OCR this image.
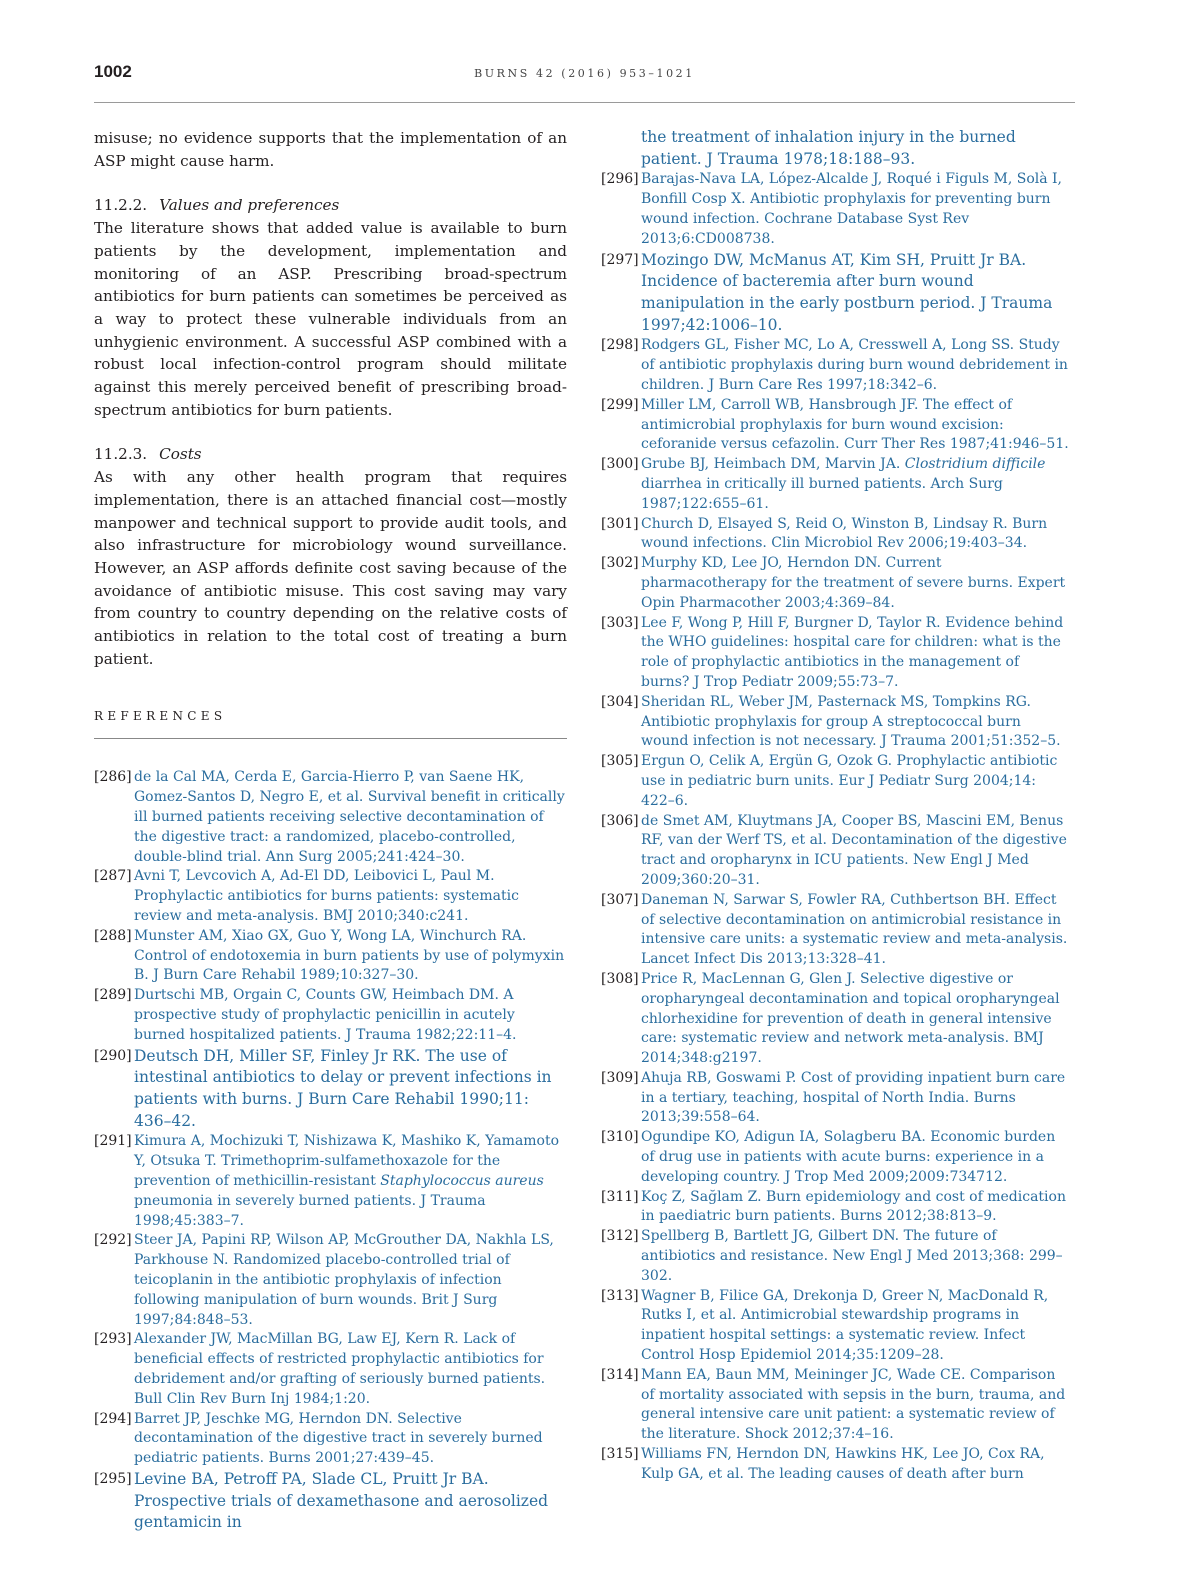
1002	BURNS 42 (2016) 953–1021

misuse; no evidence supports that the implementation of an ASP might cause harm.

11.2.2. Values and preferences

The literature shows that added value is available to burn patients by the development, implementation and monitoring of an ASP. Prescribing broad-spectrum antibiotics for burn patients can sometimes be perceived as a way to protect these vulnerable individuals from an unhygienic environment. A successful ASP combined with a robust local infection-control program should militate against this merely perceived benefit of prescribing broad-spectrum antibiotics for burn patients.

11.2.3. Costs

As with any other health program that requires implementation, there is an attached financial cost—mostly manpower and technical support to provide audit tools, and also infrastructure for microbiology wound surveillance. However, an ASP affords definite cost saving because of the avoidance of antibiotic misuse. This cost saving may vary from country to country depending on the relative costs of antibiotics in relation to the total cost of treating a burn patient.

REFERENCES
[286] de la Cal MA, Cerda E, Garcia-Hierro P, van Saene HK, Gomez-Santos D, Negro E, et al. Survival benefit in critically ill burned patients receiving selective decontamination of the digestive tract: a randomized, placebo-controlled, double-blind trial. Ann Surg 2005;241:424–30.
[287] Avni T, Levcovich A, Ad-El DD, Leibovici L, Paul M. Prophylactic antibiotics for burns patients: systematic review and meta-analysis. BMJ 2010;340:c241.
[288] Munster AM, Xiao GX, Guo Y, Wong LA, Winchurch RA. Control of endotoxemia in burn patients by use of polymyxin B. J Burn Care Rehabil 1989;10:327–30.
[289] Durtschi MB, Orgain C, Counts GW, Heimbach DM. A prospective study of prophylactic penicillin in acutely burned hospitalized patients. J Trauma 1982;22:11–4.
[290] Deutsch DH, Miller SF, Finley Jr RK. The use of intestinal antibiotics to delay or prevent infections in patients with burns. J Burn Care Rehabil 1990;11: 436–42.
[291] Kimura A, Mochizuki T, Nishizawa K, Mashiko K, Yamamoto Y, Otsuka T. Trimethoprim-sulfamethoxazole for the prevention of methicillin-resistant Staphylococcus aureus pneumonia in severely burned patients. J Trauma 1998;45:383–7.
[292] Steer JA, Papini RP, Wilson AP, McGrouther DA, Nakhla LS, Parkhouse N. Randomized placebo-controlled trial of teicoplanin in the antibiotic prophylaxis of infection following manipulation of burn wounds. Brit J Surg 1997;84:848–53.
[293] Alexander JW, MacMillan BG, Law EJ, Kern R. Lack of beneficial effects of restricted prophylactic antibiotics for debridement and/or grafting of seriously burned patients. Bull Clin Rev Burn Inj 1984;1:20.
[294] Barret JP, Jeschke MG, Herndon DN. Selective decontamination of the digestive tract in severely burned pediatric patients. Burns 2001;27:439–45.
[295] Levine BA, Petroff PA, Slade CL, Pruitt Jr BA. Prospective trials of dexamethasone and aerosolized gentamicin in
the treatment of inhalation injury in the burned patient. J Trauma 1978;18:188–93.
[296] Barajas-Nava LA, López-Alcalde J, Roqué i Figuls M, Solà I, Bonfill Cosp X. Antibiotic prophylaxis for preventing burn wound infection. Cochrane Database Syst Rev 2013;6:CD008738.
[297] Mozingo DW, McManus AT, Kim SH, Pruitt Jr BA. Incidence of bacteremia after burn wound manipulation in the early postburn period. J Trauma 1997;42:1006–10.
[298] Rodgers GL, Fisher MC, Lo A, Cresswell A, Long SS. Study of antibiotic prophylaxis during burn wound debridement in children. J Burn Care Res 1997;18:342–6.
[299] Miller LM, Carroll WB, Hansbrough JF. The effect of antimicrobial prophylaxis for burn wound excision: ceforanide versus cefazolin. Curr Ther Res 1987;41:946–51.
[300] Grube BJ, Heimbach DM, Marvin JA. Clostridium difficile diarrhea in critically ill burned patients. Arch Surg 1987;122:655–61.
[301] Church D, Elsayed S, Reid O, Winston B, Lindsay R. Burn wound infections. Clin Microbiol Rev 2006;19:403–34.
[302] Murphy KD, Lee JO, Herndon DN. Current pharmacotherapy for the treatment of severe burns. Expert Opin Pharmacother 2003;4:369–84.
[303] Lee F, Wong P, Hill F, Burgner D, Taylor R. Evidence behind the WHO guidelines: hospital care for children: what is the role of prophylactic antibiotics in the management of burns? J Trop Pediatr 2009;55:73–7.
[304] Sheridan RL, Weber JM, Pasternack MS, Tompkins RG. Antibiotic prophylaxis for group A streptococcal burn wound infection is not necessary. J Trauma 2001;51:352–5.
[305] Ergun O, Celik A, Ergün G, Ozok G. Prophylactic antibiotic use in pediatric burn units. Eur J Pediatr Surg 2004;14: 422–6.
[306] de Smet AM, Kluytmans JA, Cooper BS, Mascini EM, Benus RF, van der Werf TS, et al. Decontamination of the digestive tract and oropharynx in ICU patients. New Engl J Med 2009;360:20–31.
[307] Daneman N, Sarwar S, Fowler RA, Cuthbertson BH. Effect of selective decontamination on antimicrobial resistance in intensive care units: a systematic review and meta-analysis. Lancet Infect Dis 2013;13:328–41.
[308] Price R, MacLennan G, Glen J. Selective digestive or oropharyngeal decontamination and topical oropharyngeal chlorhexidine for prevention of death in general intensive care: systematic review and network meta-analysis. BMJ 2014;348:g2197.
[309] Ahuja RB, Goswami P. Cost of providing inpatient burn care in a tertiary, teaching, hospital of North India. Burns 2013;39:558–64.
[310] Ogundipe KO, Adigun IA, Solagberu BA. Economic burden of drug use in patients with acute burns: experience in a developing country. J Trop Med 2009;2009:734712.
[311] Koç Z, Sağlam Z. Burn epidemiology and cost of medication in paediatric burn patients. Burns 2012;38:813–9.
[312] Spellberg B, Bartlett JG, Gilbert DN. The future of antibiotics and resistance. New Engl J Med 2013;368: 299–302.
[313] Wagner B, Filice GA, Drekonja D, Greer N, MacDonald R, Rutks I, et al. Antimicrobial stewardship programs in inpatient hospital settings: a systematic review. Infect Control Hosp Epidemiol 2014;35:1209–28.
[314] Mann EA, Baun MM, Meininger JC, Wade CE. Comparison of mortality associated with sepsis in the burn, trauma, and general intensive care unit patient: a systematic review of the literature. Shock 2012;37:4–16.
[315] Williams FN, Herndon DN, Hawkins HK, Lee JO, Cox RA, Kulp GA, et al. The leading causes of death after burn
